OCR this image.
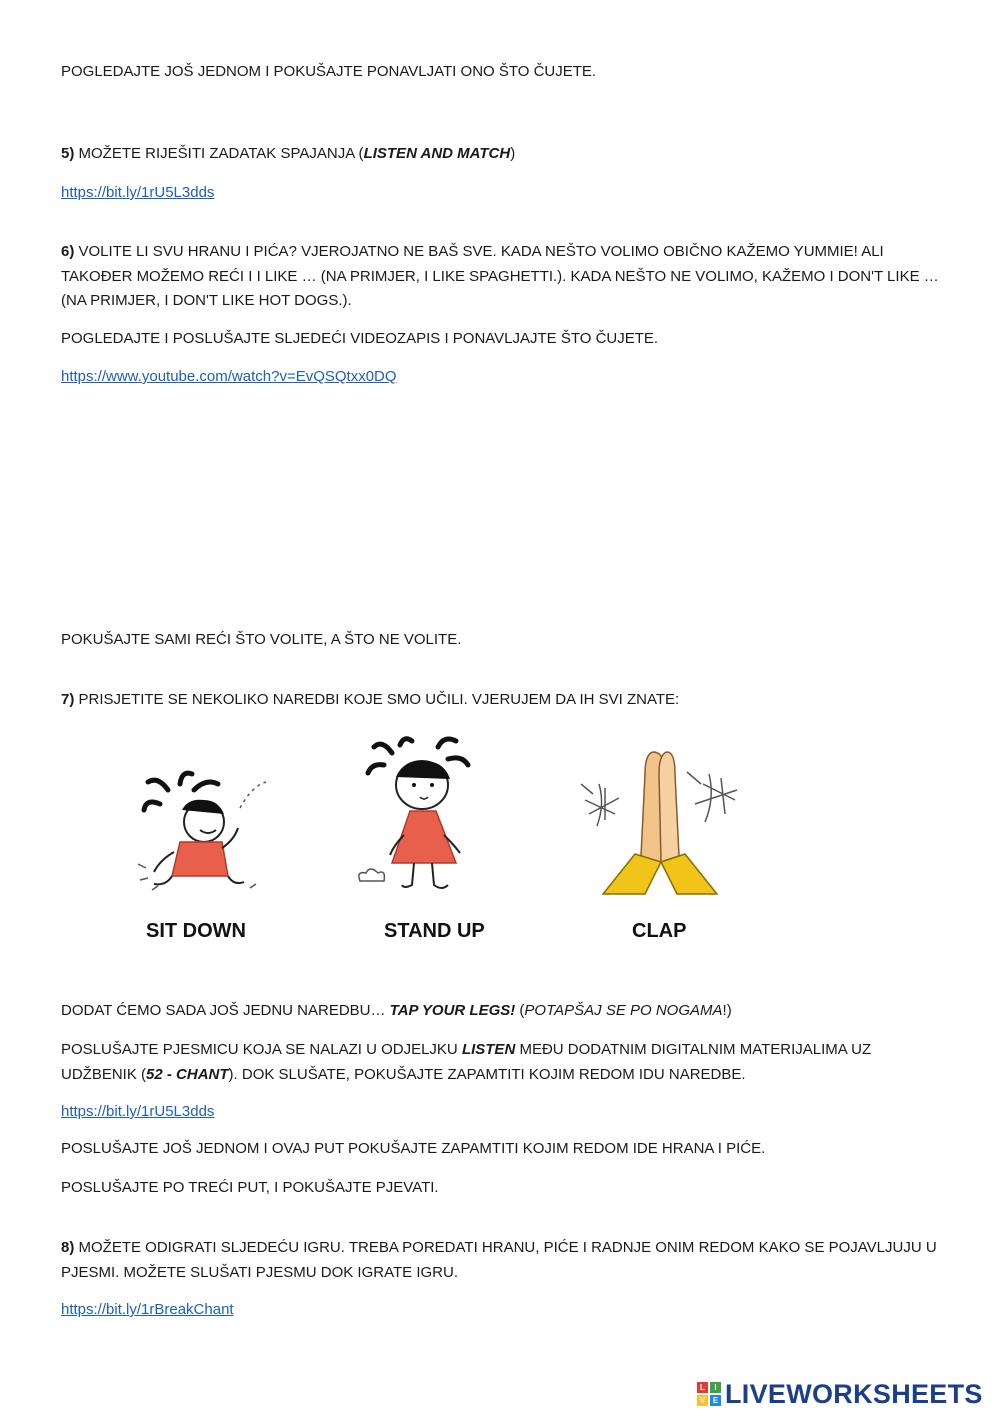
POGLEDAJTE JOŠ JEDNOM I POKUŠAJTE PONAVLJATI ONO ŠTO ČUJETE.

5) MOŽETE RIJEŠITI ZADATAK SPAJANJA (LISTEN AND MATCH)

https://bit.ly/1rU5L3dds

6) VOLITE LI SVU HRANU I PIĆA? VJEROJATNO NE BAŠ SVE. KADA NEŠTO VOLIMO OBIČNO KAŽEMO YUMMIE! ALI TAKOĐER MOŽEMO REĆI I I LIKE … (NA PRIMJER, I LIKE SPAGHETTI.). KADA NEŠTO NE VOLIMO, KAŽEMO I DON'T LIKE … (NA PRIMJER, I DON'T LIKE HOT DOGS.).

POGLEDAJTE I POSLUŠAJTE SLJEDEĆI VIDEOZAPIS I PONAVLJAJTE ŠTO ČUJETE.

https://www.youtube.com/watch?v=EvQSQtxx0DQ

POKUŠAJTE SAMI REĆI ŠTO VOLITE, A ŠTO NE VOLITE.

7) PRISJETITE SE NEKOLIKO NAREDBI KOJE SMO UČILI. VJERUJEM DA IH SVI ZNATE:

SIT DOWN	STAND UP	CLAP

DODAT ĆEMO SADA JOŠ JEDNU NAREDBU… TAP YOUR LEGS! (POTAPŠAJ SE PO NOGAMA!)

POSLUŠAJTE PJESMICU KOJA SE NALAZI U ODJELJKU LISTEN MEĐU DODATNIM DIGITALNIM MATERIJALIMA UZ UDŽBENIK (52 - CHANT). DOK SLUŠATE, POKUŠAJTE ZAPAMTITI KOJIM REDOM IDU NAREDBE.

https://bit.ly/1rU5L3dds

POSLUŠAJTE JOŠ JEDNOM I OVAJ PUT POKUŠAJTE ZAPAMTITI KOJIM REDOM IDE HRANA I PIĆE.

POSLUŠAJTE PO TREĆI PUT, I POKUŠAJTE PJEVATI.

8) MOŽETE ODIGRATI SLJEDEĆU IGRU. TREBA POREDATI HRANU, PIĆE I RADNJE ONIM REDOM KAKO SE POJAVLJUJU U PJESMI. MOŽETE SLUŠATI PJESMU DOK IGRATE IGRU.

https://bit.ly/1rBreakChant

L	I
V E LIVEWORKSHEETS
